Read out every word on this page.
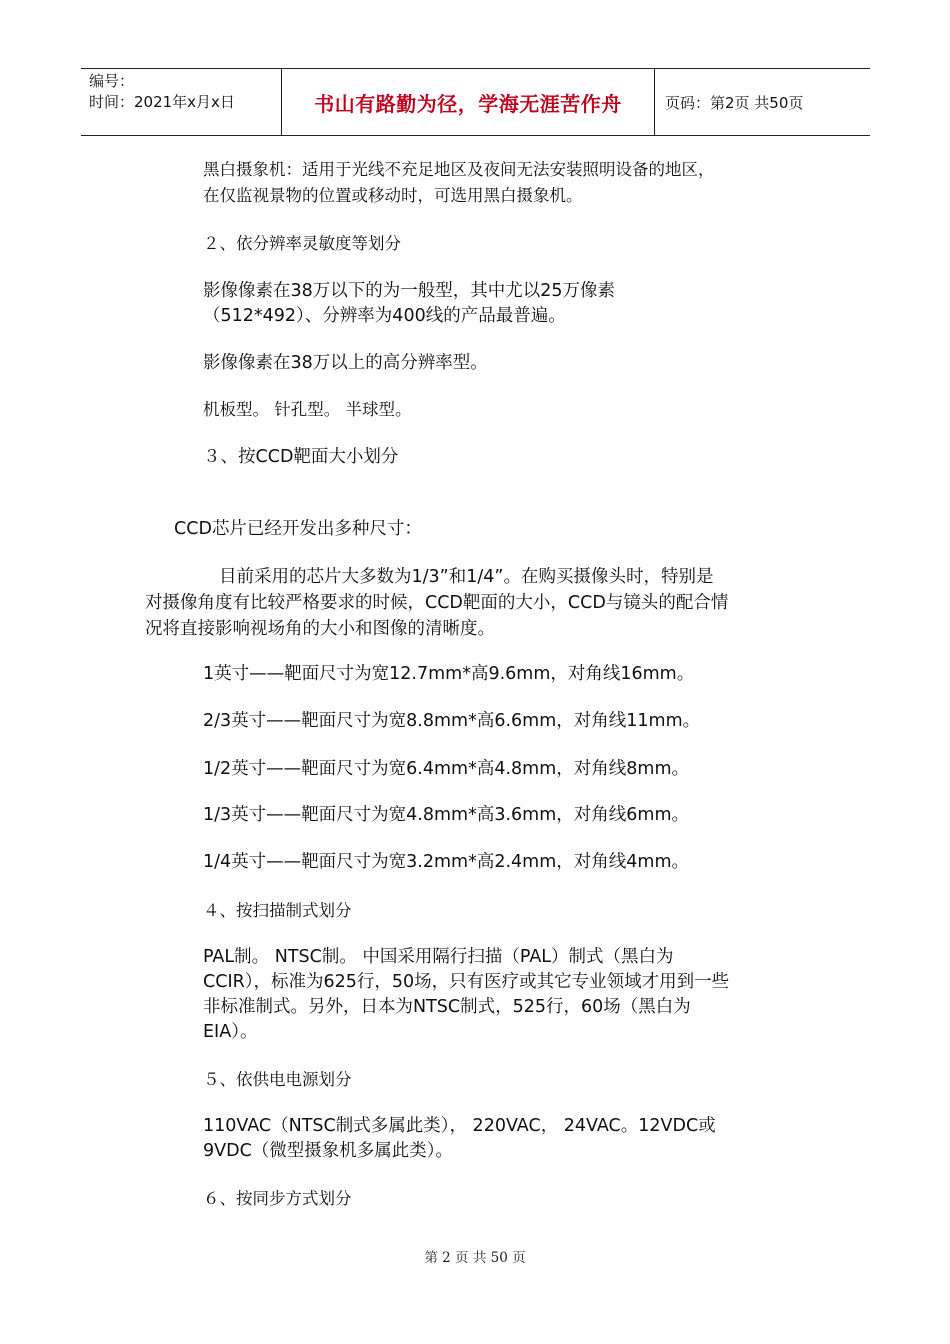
编号：
时间：2021年x月x日	书山有路勤为径，学海无涯苦作舟	页码：第2页 共50页

黑白摄象机：适用于光线不充足地区及夜间无法安装照明设备的地区，

在仅监视景物的位置或移动时，可选用黑白摄象机。

２、依分辨率灵敏度等划分

影像像素在38万以下的为一般型，其中尤以25万像素

（512*492）、分辨率为400线的产品最普遍。

影像像素在38万以上的高分辨率型。

机板型。 针孔型。 半球型。

３、按CCD靶面大小划分

CCD芯片已经开发出多种尺寸：

目前采用的芯片大多数为1/3”和1/4”。在购买摄像头时，特别是

对摄像角度有比较严格要求的时候，CCD靶面的大小，CCD与镜头的配合情

况将直接影响视场角的大小和图像的清晰度。

1英寸——靶面尺寸为宽12.7mm*高9.6mm，对角线16mm。

2/3英寸——靶面尺寸为宽8.8mm*高6.6mm，对角线11mm。

1/2英寸——靶面尺寸为宽6.4mm*高4.8mm，对角线8mm。

1/3英寸——靶面尺寸为宽4.8mm*高3.6mm，对角线6mm。

1/4英寸——靶面尺寸为宽3.2mm*高2.4mm，对角线4mm。

４、按扫描制式划分

PAL制。 NTSC制。 中国采用隔行扫描（PAL）制式（黑白为

CCIR），标准为625行，50场，只有医疗或其它专业领域才用到一些

非标准制式。另外，日本为NTSC制式，525行，60场（黑白为

EIA）。

５、依供电电源划分

110VAC（NTSC制式多属此类）， 220VAC， 24VAC。12VDC或

9VDC（微型摄象机多属此类）。

６、按同步方式划分

第 2 页 共 50 页
